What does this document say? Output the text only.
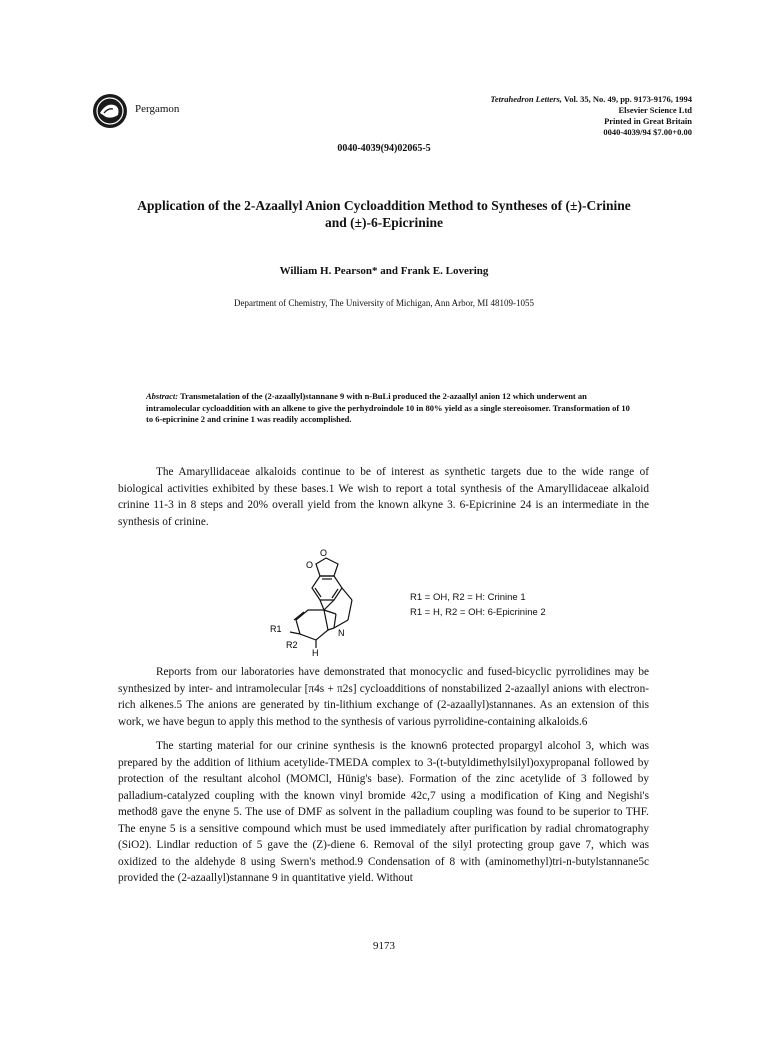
Pergamon
Tetrahedron Letters, Vol. 35, No. 49, pp. 9173-9176, 1994
Elsevier Science Ltd
Printed in Great Britain
0040-4039/94 $7.00+0.00
0040-4039(94)02065-5
Application of the 2-Azaallyl Anion Cycloaddition Method to Syntheses of (±)-Crinine
and (±)-6-Epicrinine
William H. Pearson* and Frank E. Lovering
Department of Chemistry, The University of Michigan, Ann Arbor, MI 48109-1055
Abstract: Transmetalation of the (2-azaallyl)stannane 9 with n-BuLi produced the 2-azaallyl anion 12 which underwent an intramolecular cycloaddition with an alkene to give the perhydroindole 10 in 80% yield as a single stereoisomer. Transformation of 10 to 6-epicrinine 2 and crinine 1 was readily accomplished.

The Amaryllidaceae alkaloids continue to be of interest as synthetic targets due to the wide range of biological activities exhibited by these bases.1 We wish to report a total synthesis of the Amaryllidaceae alkaloid crinine 11-3 in 8 steps and 20% overall yield from the known alkyne 3. 6-Epicrinine 24 is an intermediate in the synthesis of crinine.

O
O
R1
R2
H
N
R1 = OH, R2 = H: Crinine 1
R1 = H, R2 = OH: 6-Epicrinine 2

Reports from our laboratories have demonstrated that monocyclic and fused-bicyclic pyrrolidines may be synthesized by inter- and intramolecular [π4s + π2s] cycloadditions of nonstabilized 2-azaallyl anions with electron-rich alkenes.5 The anions are generated by tin-lithium exchange of (2-azaallyl)stannanes. As an extension of this work, we have begun to apply this method to the synthesis of various pyrrolidine-containing alkaloids.6

The starting material for our crinine synthesis is the known6 protected propargyl alcohol 3, which was prepared by the addition of lithium acetylide-TMEDA complex to 3-(t-butyldimethylsilyl)oxypropanal followed by protection of the resultant alcohol (MOMCl, Hünig's base). Formation of the zinc acetylide of 3 followed by palladium-catalyzed coupling with the known vinyl bromide 42c,7 using a modification of King and Negishi's method8 gave the enyne 5. The use of DMF as solvent in the palladium coupling was found to be superior to THF. The enyne 5 is a sensitive compound which must be used immediately after purification by radial chromatography (SiO2). Lindlar reduction of 5 gave the (Z)-diene 6. Removal of the silyl protecting group gave 7, which was oxidized to the aldehyde 8 using Swern's method.9 Condensation of 8 with (aminomethyl)tri-n-butylstannane5c provided the (2-azaallyl)stannane 9 in quantitative yield. Without

9173
